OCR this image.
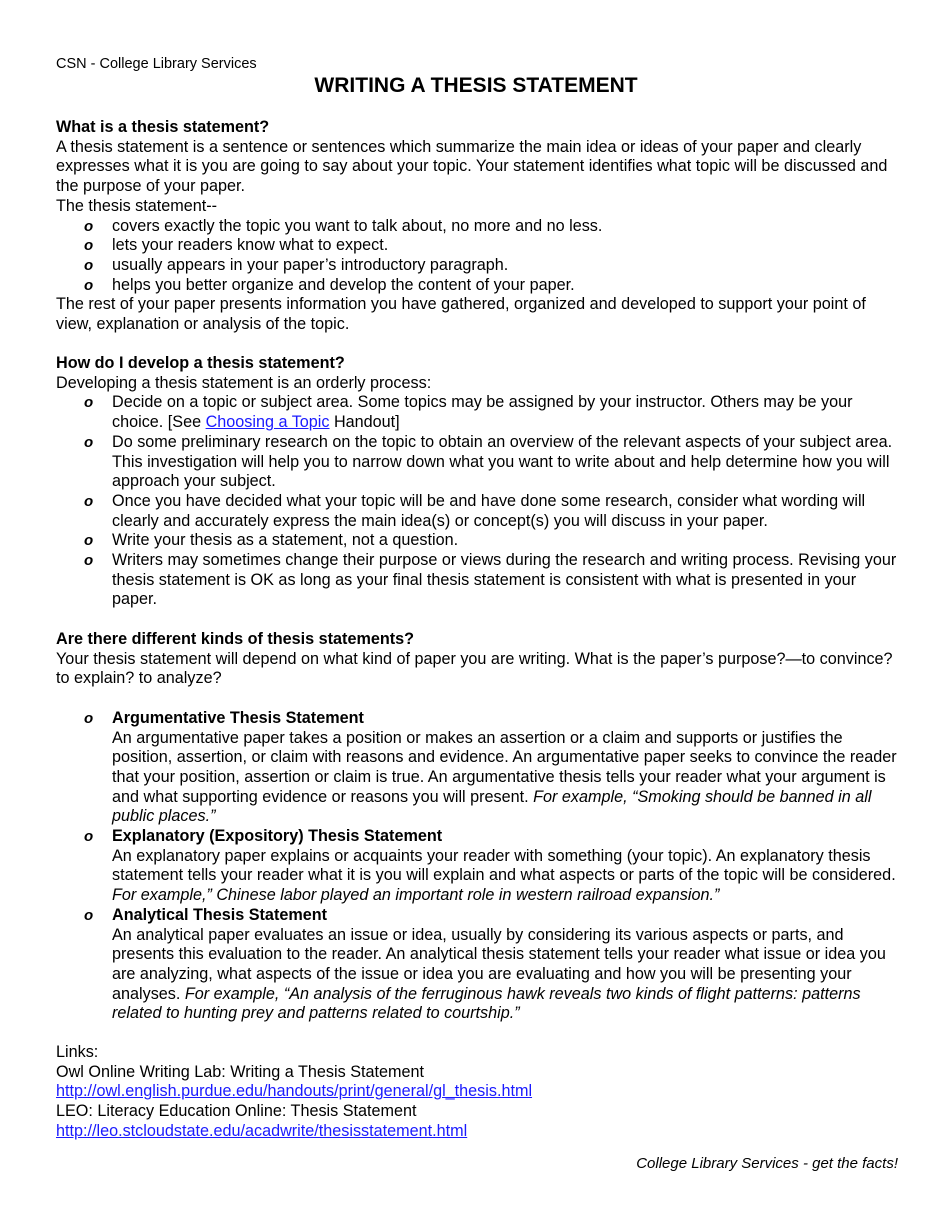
CSN - College Library Services
WRITING A THESIS STATEMENT
What is a thesis statement?

A thesis statement is a sentence or sentences which summarize the main idea or ideas of your paper and clearly expresses what it is you are going to say about your topic. Your statement identifies what topic will be discussed and the purpose of your paper.

The thesis statement--

o covers exactly the topic you want to talk about, no more and no less.
o lets your readers know what to expect.
o usually appears in your paper’s introductory paragraph.
o helps you better organize and develop the content of your paper.

The rest of your paper presents information you have gathered, organized and developed to support your point of view, explanation or analysis of the topic.

How do I develop a thesis statement?

Developing a thesis statement is an orderly process:

o Decide on a topic or subject area. Some topics may be assigned by your instructor. Others may be your choice. [See Choosing a Topic Handout]
o Do some preliminary research on the topic to obtain an overview of the relevant aspects of your subject area. This investigation will help you to narrow down what you want to write about and help determine how you will approach your subject.
o Once you have decided what your topic will be and have done some research, consider what wording will clearly and accurately express the main idea(s) or concept(s) you will discuss in your paper.
o Write your thesis as a statement, not a question.
o Writers may sometimes change their purpose or views during the research and writing process. Revising your thesis statement is OK as long as your final thesis statement is consistent with what is presented in your paper.
Are there different kinds of thesis statements?

Your thesis statement will depend on what kind of paper you are writing. What is the paper’s purpose?—to convince? to explain? to analyze?

o Argumentative Thesis Statement
An argumentative paper takes a position or makes an assertion or a claim and supports or justifies the position, assertion, or claim with reasons and evidence. An argumentative paper seeks to convince the reader that your position, assertion or claim is true. An argumentative thesis tells your reader what your argument is and what supporting evidence or reasons you will present. For example, “Smoking should be banned in all public places.”
o Explanatory (Expository) Thesis Statement
An explanatory paper explains or acquaints your reader with something (your topic). An explanatory thesis statement tells your reader what it is you will explain and what aspects or parts of the topic will be considered. For example,” Chinese labor played an important role in western railroad expansion.”
o Analytical Thesis Statement
An analytical paper evaluates an issue or idea, usually by considering its various aspects or parts, and presents this evaluation to the reader. An analytical thesis statement tells your reader what issue or idea you are analyzing, what aspects of the issue or idea you are evaluating and how you will be presenting your analyses. For example, “An analysis of the ferruginous hawk reveals two kinds of flight patterns: patterns related to hunting prey and patterns related to courtship.”

Links:

Owl Online Writing Lab: Writing a Thesis Statement

http://owl.english.purdue.edu/handouts/print/general/gl_thesis.html

LEO: Literacy Education Online: Thesis Statement

http://leo.stcloudstate.edu/acadwrite/thesisstatement.html

College Library Services - get the facts!
